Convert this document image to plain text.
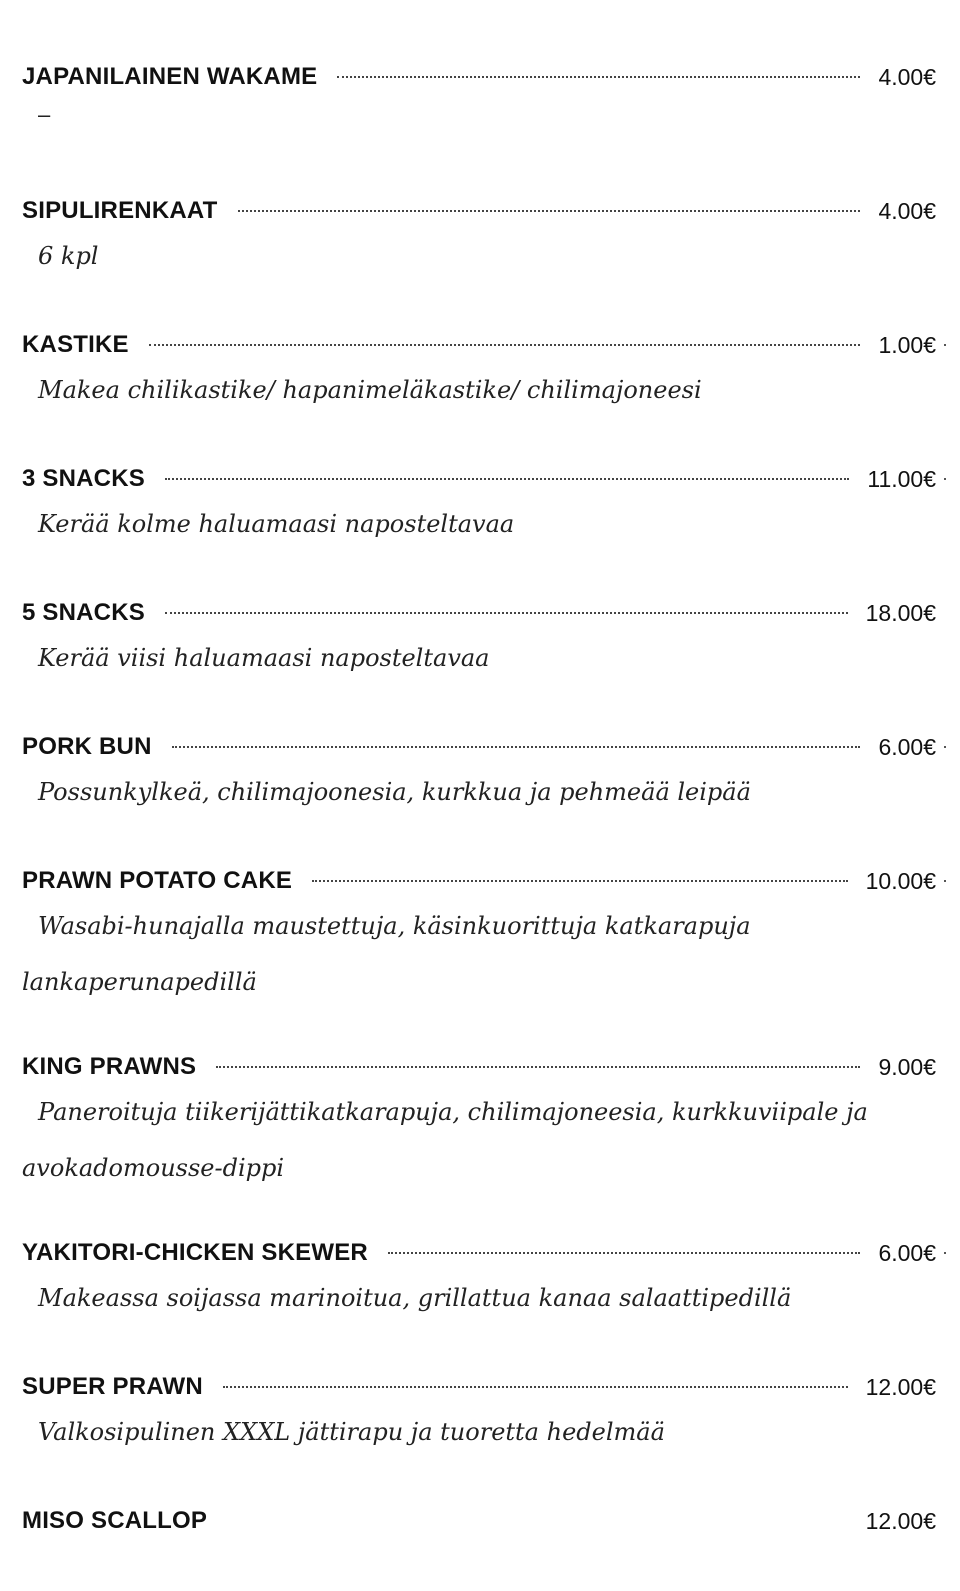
JAPANILAINEN WAKAME	4.00€
–
SIPULIRENKAAT	4.00€
6 kpl
KASTIKE	1.00€
Makea chilikastike/ hapanimeläkastike/ chilimajoneesi
3 SNACKS	11.00€
Kerää kolme haluamaasi naposteltavaa
5 SNACKS	18.00€
Kerää viisi haluamaasi naposteltavaa
PORK BUN	6.00€
Possunkylkeä, chilimajoonesia, kurkkua ja pehmeää leipää
PRAWN POTATO CAKE	10.00€
Wasabi-hunajalla maustettuja, käsinkuorittuja katkarapuja
lankaperunapedillä
KING PRAWNS	9.00€
Paneroituja tiikerijättikatkarapuja, chilimajoneesia, kurkkuviipale ja
avokadomousse-dippi
YAKITORI-CHICKEN SKEWER	6.00€
Makeassa soijassa marinoitua, grillattua kanaa salaattipedillä
SUPER PRAWN	12.00€
Valkosipulinen XXXL jättirapu ja tuoretta hedelmää
MISO SCALLOP	12.00€
